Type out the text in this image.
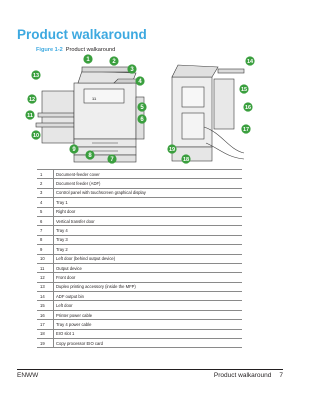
Product walkaround
Figure 1-2 Product walkaround
1	2
3
4
5
6
7
8
9
10
11
12
13
14
15
16
17
18
19
11
1	Document-feeder cover
2	Document feeder (ADF)
3	Control panel with touchscreen graphical display
4	Tray 1
5	Right door
6	Vertical transfer door
7	Tray 4
8	Tray 3
9	Tray 2
10	Left door (behind output device)
11	Output device
12	Front door
13	Duplex printing accessory (inside the MFP)
14	ADF output bin
15	Left door
16	Printer power cable
17	Tray 4 power cable
18	EIO slot 1
19	Copy processor EIO card
ENWW	Product walkaround 7
